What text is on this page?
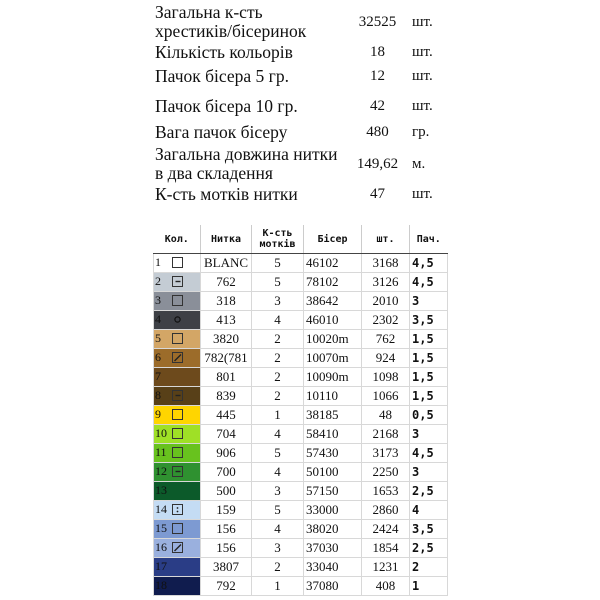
Загальна к-сть
хрестиків/бісеринок	32525	шт.
Кількість кольорів	18	шт.
Пачок бісера 5 гр.	12	шт.
Пачок бісера 10 гр.	42	шт.
Вага пачок бісеру	480	гр.
Загальна довжина нитки
в два складення	149,62 м.
К-сть мотків нитки	47	шт.
Кол.	Нитка	К-сть мотків	Бісер	шт.	Пач.

1	BLANC	5	46102	3168	4,5

2	762	5	78102	3126	4,5

3	318	3	38642	2010	3

4	413	4	46010	2302	3,5

5	3820	2	10020m	762	1,5

6	782(781	2	10070m	924	1,5

7	801	2	10090m	1098	1,5

8	839	2	10110	1066	1,5

9	445	1	38185	48	0,5

10	704	4	58410	2168	3

11	906	5	57430	3173	4,5

12	700	4	50100	2250	3

13	500	3	57150	1653	2,5

14	159	5	33000	2860	4

15	156	4	38020	2424	3,5

16	156	3	37030	1854	2,5

17	3807	2	33040	1231	2

18	792	1	37080	408	1
